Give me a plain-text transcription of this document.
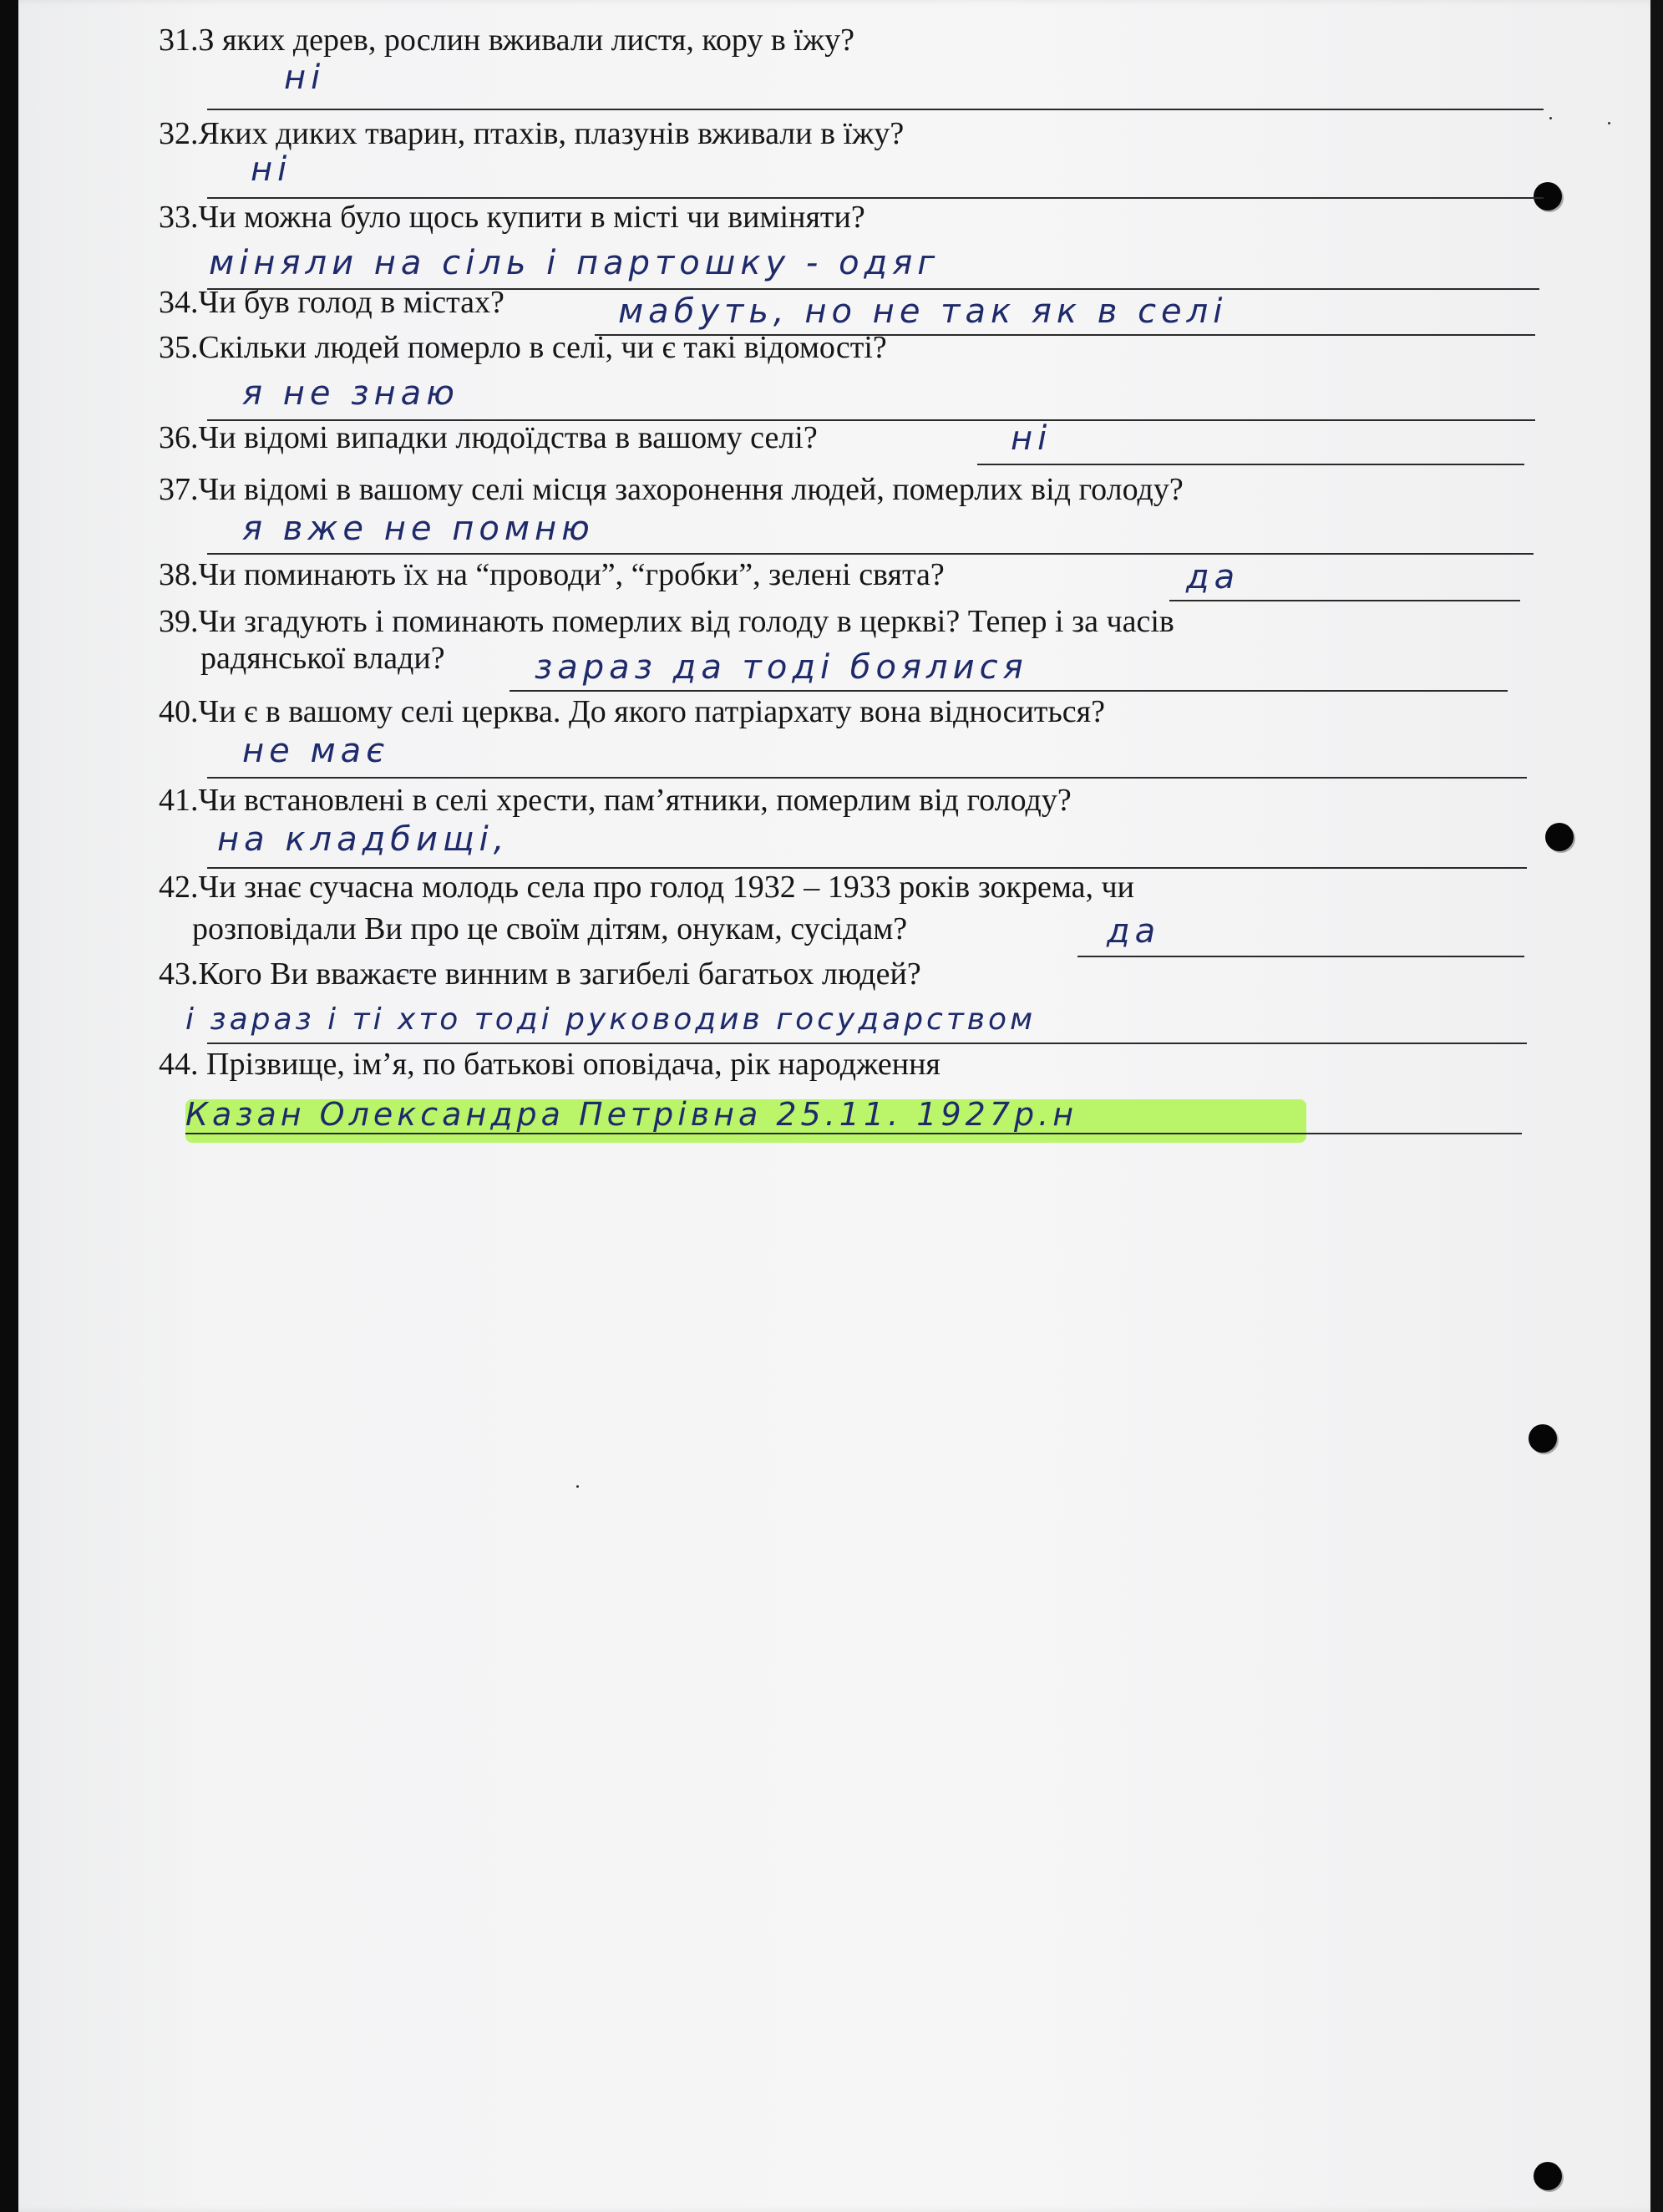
31.З яких дерев, рослин вживали листя, кору в їжу?
ні
32.Яких диких тварин, птахів, плазунів вживали в їжу?
ні
33.Чи можна було щось купити в місті чи виміняти?
міняли на сіль і партошку - одяг
34.Чи був голод в містах?	мабуть, но не так як в селі
35.Скільки людей померло в селі, чи є такі відомості?
я не знаю
36.Чи відомі випадки людоїдства в вашому селі?	ні
37.Чи відомі в вашому селі місця захоронення людей, померлих від голоду?
я вже не помню
38.Чи поминають їх на “проводи”, “гробки”, зелені свята?	да
39.Чи згадують і поминають померлих від голоду в церкві? Тепер і за часів
радянської влади?	зараз да тоді боялися
40.Чи є в вашому селі церква. До якого патріархату вона відноситься?
не має
41.Чи встановлені в селі хрести, пам’ятники, померлим від голоду?
на кладбищі,
42.Чи знає сучасна молодь села про голод 1932 – 1933 років зокрема, чи
розповідали Ви про це своїм дітям, онукам, сусідам?	да
43.Кого Ви вважаєте винним в загибелі багатьох людей?
і зараз і ті хто тоді руководив государством
44. Прізвище, ім’я, по батькові оповідача, рік народження
Казан Олександра Петрівна 25.11. 1927р.н
